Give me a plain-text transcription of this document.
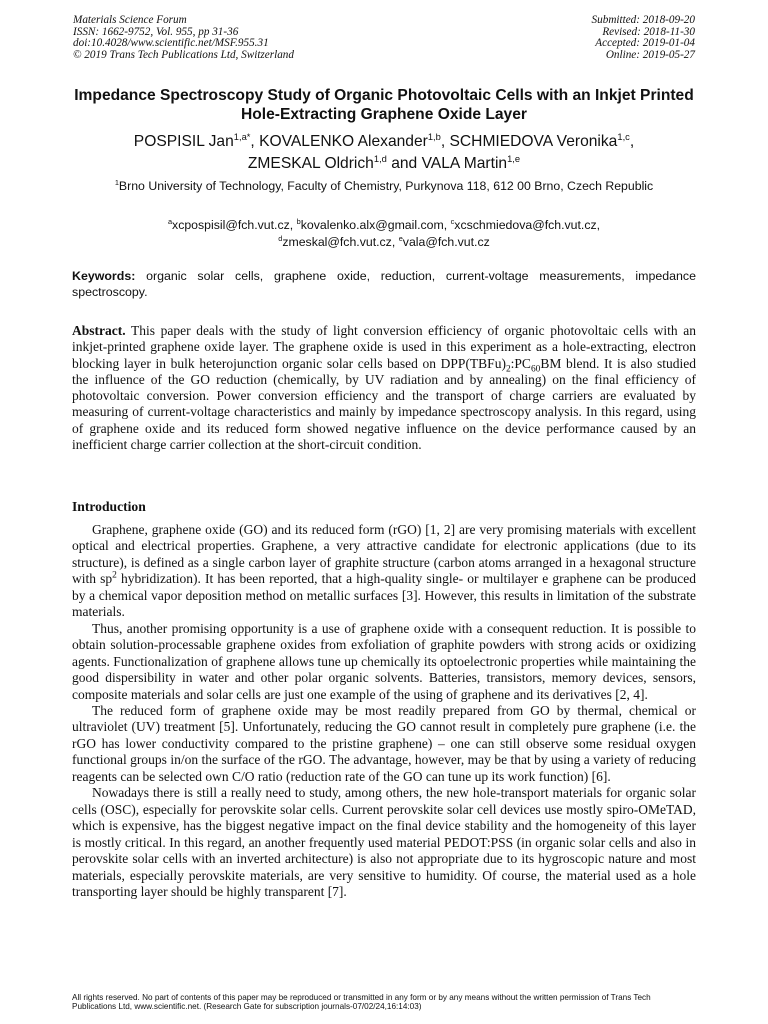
Materials Science Forum
ISSN: 1662-9752, Vol. 955, pp 31-36
doi:10.4028/www.scientific.net/MSF.955.31
© 2019 Trans Tech Publications Ltd, Switzerland
Submitted: 2018-09-20
Revised: 2018-11-30
Accepted: 2019-01-04
Online: 2019-05-27
Impedance Spectroscopy Study of Organic Photovoltaic Cells with an Inkjet Printed Hole-Extracting Graphene Oxide Layer
POSPISIL Jan$^{1,a*}$, KOVALENKO Alexander$^{1,b}$, SCHMIEDOVA Veronika$^{1,c}$,
ZMESKAL Oldrich$^{1,d}$ and VALA Martin$^{1,e}$
$^1$Brno University of Technology, Faculty of Chemistry, Purkynova 118, 612 00 Brno, Czech Republic
$^a$xcpospisil@fch.vut.cz, $^b$kovalenko.alx@gmail.com, $^c$xcschmiedova@fch.vut.cz,
$^d$zmeskal@fch.vut.cz, $^e$vala@fch.vut.cz
Keywords: organic solar cells, graphene oxide, reduction, current-voltage measurements, impedance spectroscopy.
Abstract. This paper deals with the study of light conversion efficiency of organic photovoltaic cells with an inkjet-printed graphene oxide layer. The graphene oxide is used in this experiment as a hole-extracting, electron blocking layer in bulk heterojunction organic solar cells based on $DPP(TBFu)_2:PC_{60}BM$ blend. It is also studied the influence of the GO reduction (chemically, by UV radiation and by annealing) on the final efficiency of photovoltaic conversion. Power conversion efficiency and the transport of charge carriers are evaluated by measuring of current-voltage characteristics and mainly by impedance spectroscopy analysis. In this regard, using of graphene oxide and its reduced form showed negative influence on the device performance caused by an inefficient charge carrier collection at the short-circuit condition.
Introduction

Graphene, graphene oxide (GO) and its reduced form (rGO) [1, 2] are very promising materials with excellent optical and electrical properties. Graphene, a very attractive candidate for electronic applications (due to its structure), is defined as a single carbon layer of graphite structure (carbon atoms arranged in a hexagonal structure with $sp^2$ hybridization). It has been reported, that a high-quality single- or multilayer e graphene can be produced by a chemical vapor deposition method on metallic surfaces [3]. However, this results in limitation of the substrate materials.

Thus, another promising opportunity is a use of graphene oxide with a consequent reduction. It is possible to obtain solution-processable graphene oxides from exfoliation of graphite powders with strong acids or oxidizing agents. Functionalization of graphene allows tune up chemically its optoelectronic properties while maintaining the good dispersibility in water and other polar organic solvents. Batteries, transistors, memory devices, sensors, composite materials and solar cells are just one example of the using of graphene and its derivatives [2, 4].

The reduced form of graphene oxide may be most readily prepared from GO by thermal, chemical or ultraviolet (UV) treatment [5]. Unfortunately, reducing the GO cannot result in completely pure graphene (i.e. the rGO has lower conductivity compared to the pristine graphene) – one can still observe some residual oxygen functional groups in/on the surface of the rGO. The advantage, however, may be that by using a variety of reducing reagents can be selected own C/O ratio (reduction rate of the GO can tune up its work function) [6].

Nowadays there is still a really need to study, among others, the new hole-transport materials for organic solar cells (OSC), especially for perovskite solar cells. Current perovskite solar cell devices use mostly spiro-OMeTAD, which is expensive, has the biggest negative impact on the final device stability and the homogeneity of this layer is mostly critical. In this regard, an another frequently used material PEDOT:PSS (in organic solar cells and also in perovskite solar cells with an inverted architecture) is also not appropriate due to its hygroscopic nature and most materials, especially perovskite materials, are very sensitive to humidity. Of course, the material used as a hole transporting layer should be highly transparent [7].

All rights reserved. No part of contents of this paper may be reproduced or transmitted in any form or by any means without the written permission of Trans Tech Publications Ltd, www.scientific.net. (Research Gate for subscription journals-07/02/24,16:14:03)
